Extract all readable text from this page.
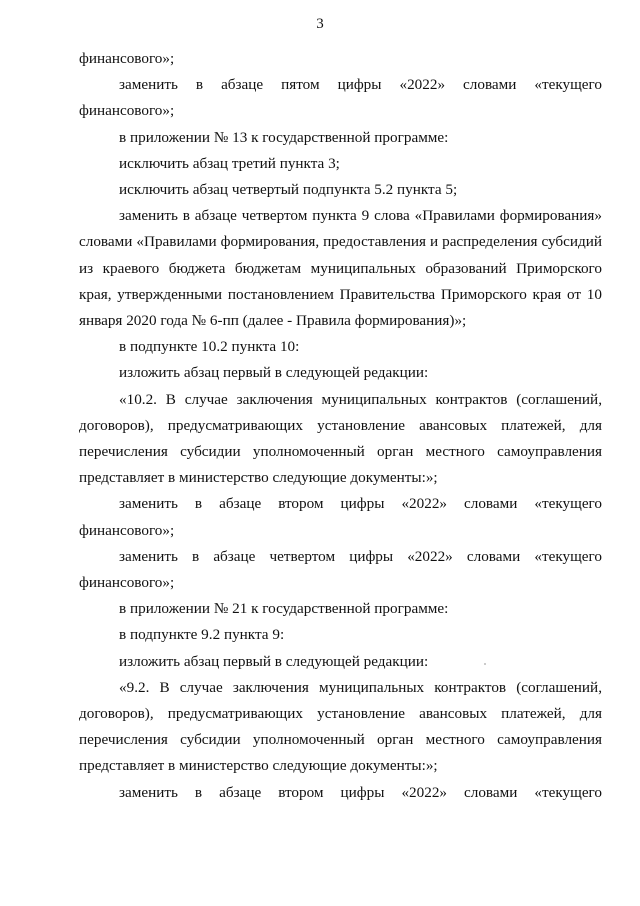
3

финансового»;

заменить в абзаце пятом цифры «2022» словами «текущего

финансового»;

в приложении № 13 к государственной программе:

исключить абзац третий пункта 3;

исключить абзац четвертый подпункта 5.2 пункта 5;

заменить в абзаце четвертом пункта 9 слова «Правилами формирования» словами «Правилами формирования, предоставления и распределения субсидий из краевого бюджета бюджетам муниципальных образований Приморского края, утвержденными постановлением Правительства Приморского края от 10 января 2020 года № 6-пп (далее - Правила формирования)»;

в подпункте 10.2 пункта 10:

изложить абзац первый в следующей редакции:

«10.2. В случае заключения муниципальных контрактов (соглашений, договоров), предусматривающих установление авансовых платежей, для перечисления субсидии уполномоченный орган местного самоуправления представляет в министерство следующие документы:»;

заменить в абзаце втором цифры «2022» словами «текущего

финансового»;

заменить в абзаце четвертом цифры «2022» словами «текущего

финансового»;

в приложении № 21 к государственной программе:

в подпункте 9.2 пункта 9:

изложить абзац первый в следующей редакции:

«9.2. В случае заключения муниципальных контрактов (соглашений, договоров), предусматривающих установление авансовых платежей, для перечисления субсидии уполномоченный орган местного самоуправления представляет в министерство следующие документы:»;

заменить в абзаце втором цифры «2022» словами «текущего
